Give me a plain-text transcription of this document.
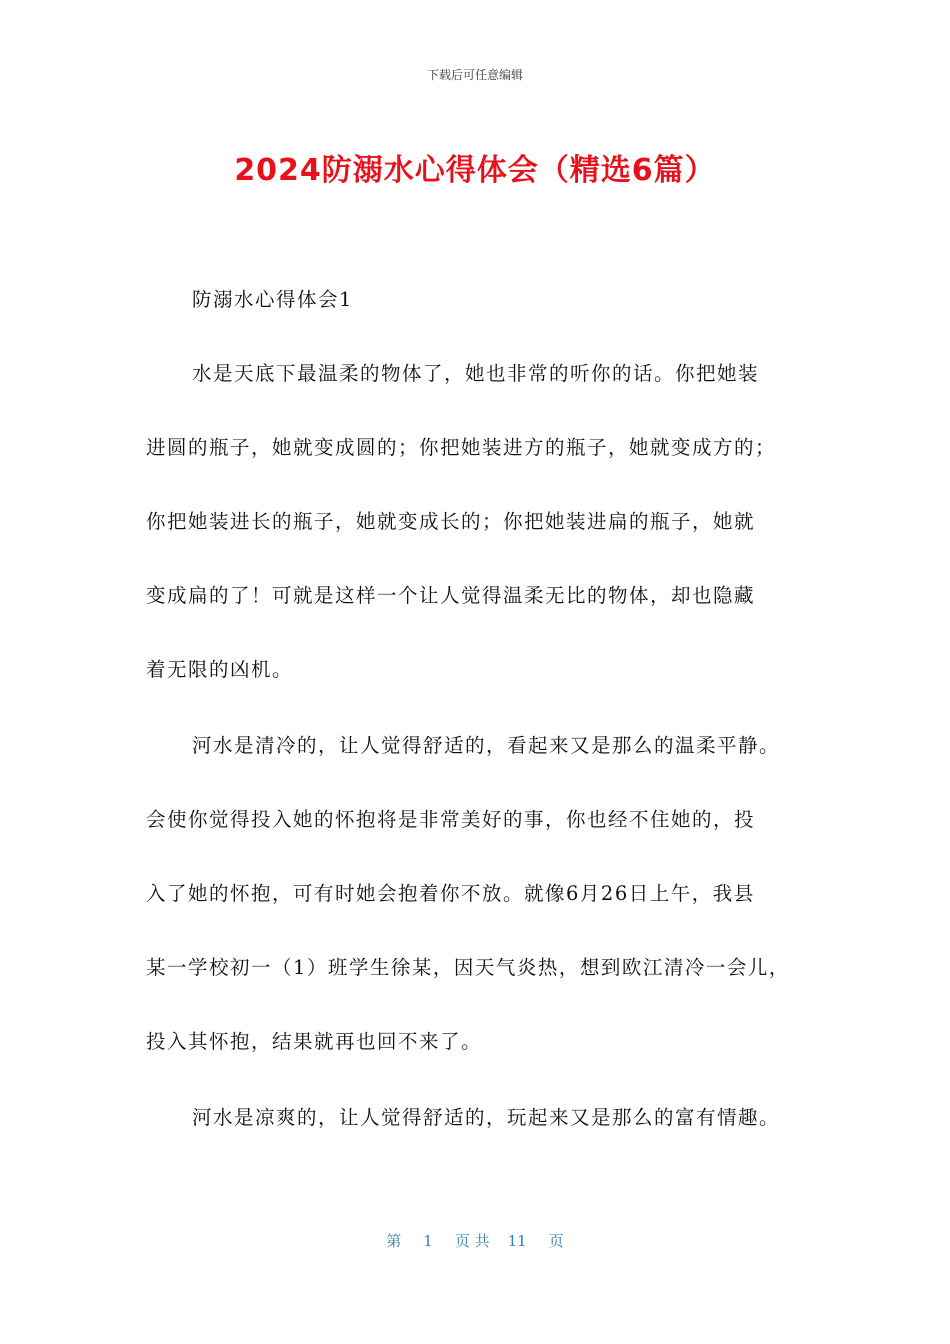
下载后可任意编辑
2024防溺水心得体会（精选6篇）
防溺水心得体会1
水是天底下最温柔的物体了，她也非常的听你的话。你把她装
进圆的瓶子，她就变成圆的；你把她装进方的瓶子，她就变成方的；
你把她装进长的瓶子，她就变成长的；你把她装进扁的瓶子，她就
变成扁的了！可就是这样一个让人觉得温柔无比的物体，却也隐藏
着无限的凶机。
河水是清冷的，让人觉得舒适的，看起来又是那么的温柔平静。
会使你觉得投入她的怀抱将是非常美好的事，你也经不住她的，投
入了她的怀抱，可有时她会抱着你不放。就像6月26日上午，我县
某一学校初一（1）班学生徐某，因天气炎热，想到欧江清冷一会儿，
投入其怀抱，结果就再也回不来了。
河水是凉爽的，让人觉得舒适的，玩起来又是那么的富有情趣。
第 1 页 共 11 页
